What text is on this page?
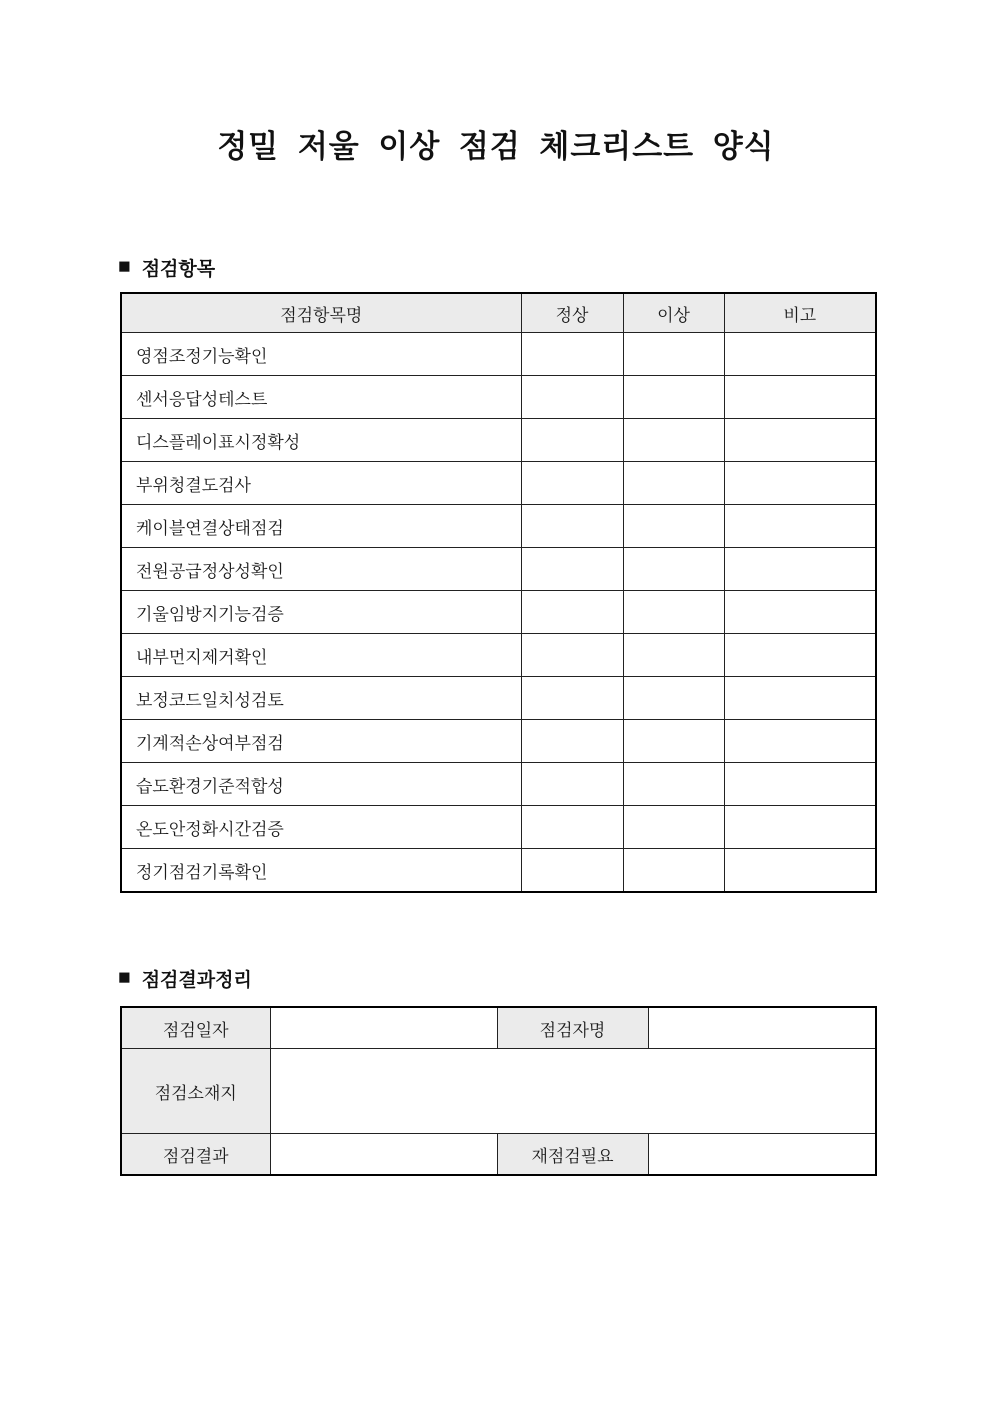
정밀 저울 이상 점검 체크리스트 양식
■ 점검항목
점검항목명	정상	이상	비고
영점조정기능확인			
센서응답성테스트			
디스플레이표시정확성			
부위청결도검사			
케이블연결상태점검			
전원공급정상성확인			
기울임방지기능검증			
내부먼지제거확인			
보정코드일치성검토			
기계적손상여부점검			
습도환경기준적합성			
온도안정화시간검증			
정기점검기록확인			
■ 점검결과정리
점검일자		점검자명	
점검소재지			
점검결과		재점검필요	
